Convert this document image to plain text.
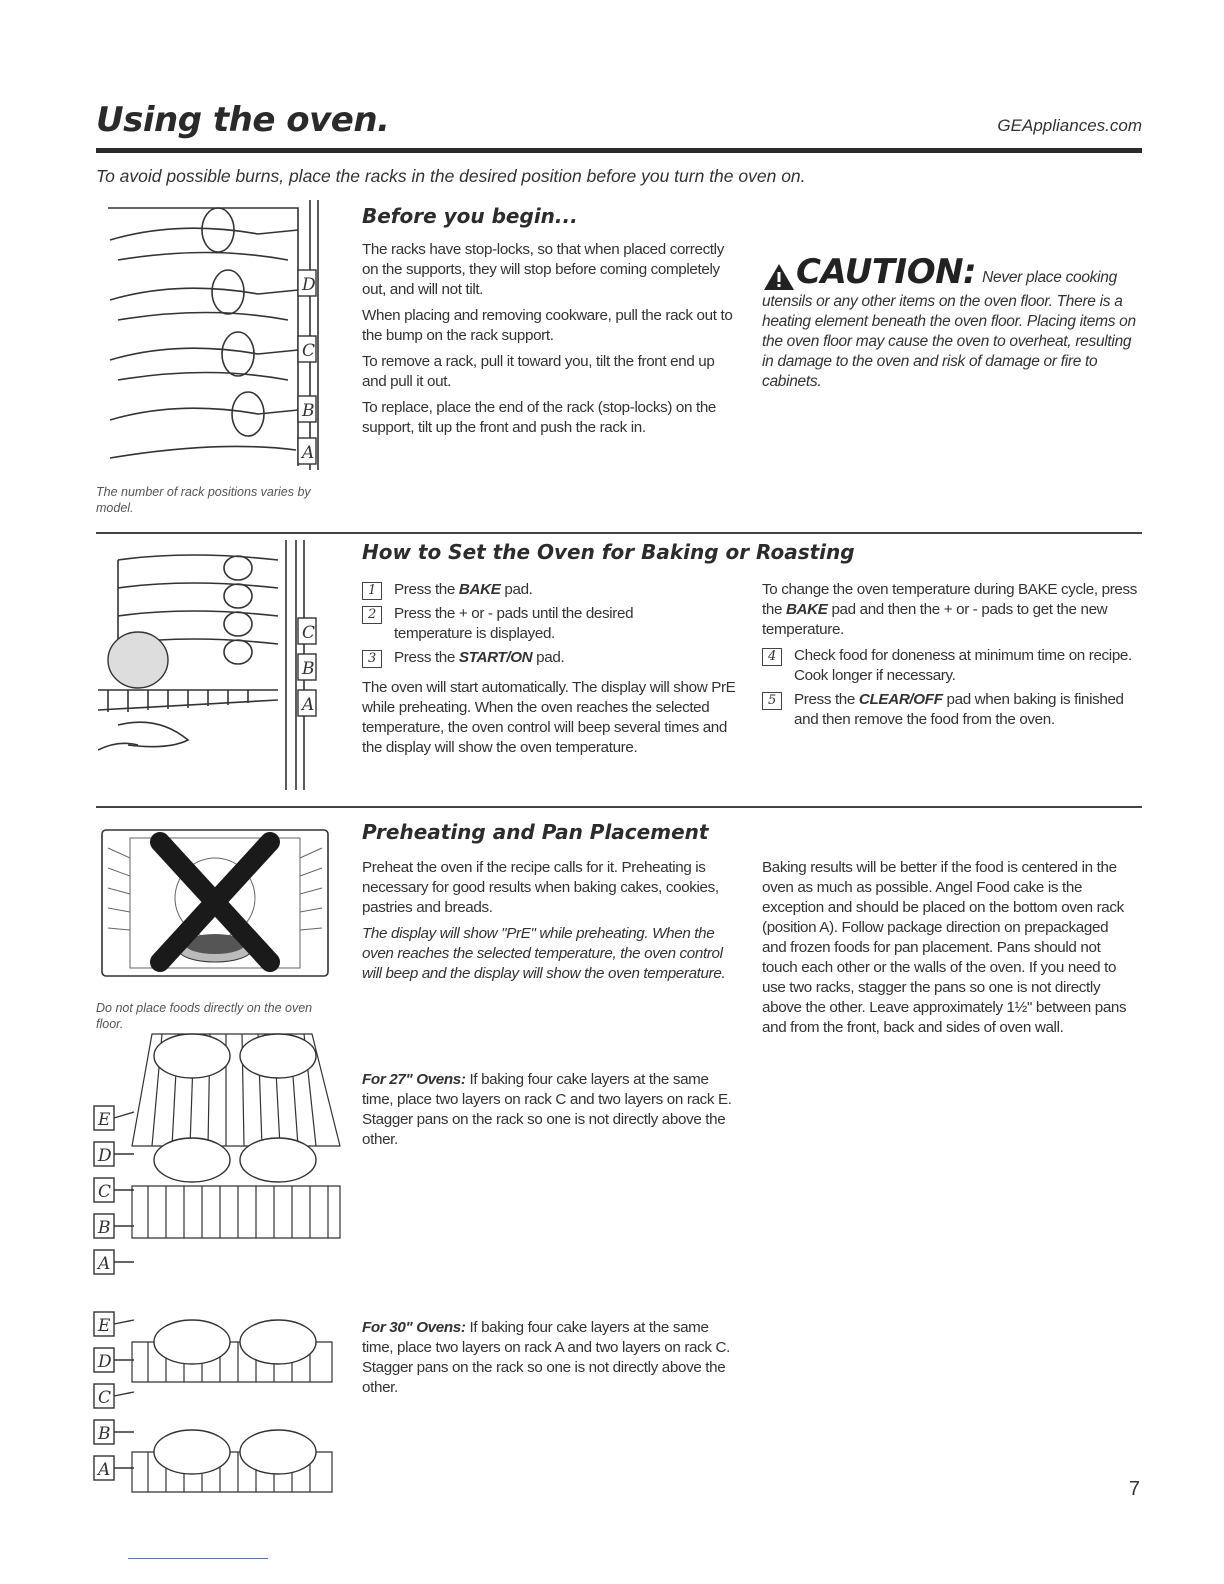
Using the oven.	GEAppliances.com
To avoid possible burns, place the racks in the desired position before you turn the oven on.
D
C
B
A
The number of rack positions varies by model.
Before you begin...

The racks have stop-locks, so that when placed correctly on the supports, they will stop before coming completely out, and will not tilt.

When placing and removing cookware, pull the rack out to the bump on the rack support.

To remove a rack, pull it toward you, tilt the front end up and pull it out.

To replace, place the end of the rack (stop-locks) on the support, tilt up the front and push the rack in.

CAUTION: Never place cooking
utensils or any other items on the oven floor. There is a heating element beneath the oven floor. Placing items on the oven floor may cause the oven to overheat, resulting in damage to the oven and risk of damage or fire to cabinets.
C
B
A
How to Set the Oven for Baking or Roasting
1	Press the BAKE pad.
2	Press the + or - pads until the desired temperature is displayed.
3	Press the START/ON pad.

The oven will start automatically. The display will show PrE while preheating. When the oven reaches the selected temperature, the oven control will beep several times and the display will show the oven temperature.

To change the oven temperature during BAKE cycle, press the BAKE pad and then the + or - pads to get the new temperature.

4	Check food for doneness at minimum time on recipe. Cook longer if necessary.
5	Press the CLEAR/OFF pad when baking is finished and then remove the food from the oven.
Do not place foods directly on the oven floor.
Preheating and Pan Placement

Preheat the oven if the recipe calls for it. Preheating is necessary for good results when baking cakes, cookies, pastries and breads.

The display will show "PrE" while preheating. When the oven reaches the selected temperature, the oven control will beep and the display will show the oven temperature.

Baking results will be better if the food is centered in the oven as much as possible. Angel Food cake is the exception and should be placed on the bottom oven rack (position A). Follow package direction on prepackaged and frozen foods for pan placement. Pans should not touch each other or the walls of the oven. If you need to use two racks, stagger the pans so one is not directly above the other. Leave approximately 1½" between pans and from the front, back and sides of oven wall.

E
D
C
B
A

For 27" Ovens: If baking four cake layers at the same time, place two layers on rack C and two layers on rack E. Stagger pans on the rack so one is not directly above the other.

E
D
C
B
A

For 30" Ovens: If baking four cake layers at the same time, place two layers on rack A and two layers on rack C. Stagger pans on the rack so one is not directly above the other.

7
